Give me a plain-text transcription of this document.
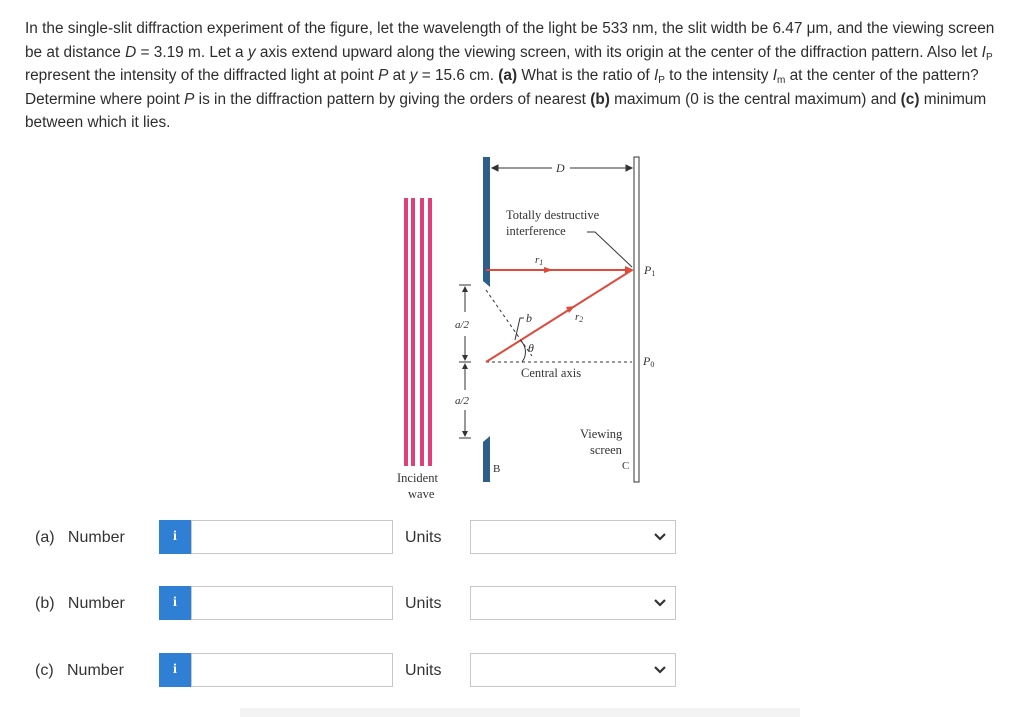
In the single-slit diffraction experiment of the figure, let the wavelength of the light be 533 nm, the slit width be 6.47 μm, and the viewing screen be at distance D = 3.19 m. Let a y axis extend upward along the viewing screen, with its origin at the center of the diffraction pattern. Also let $I_P$ represent the intensity of the diffracted light at point P at y = 15.6 cm. (a) What is the ratio of $I_P$ to the intensity $I_m$ at the center of the pattern? Determine where point P is in the diffraction pattern by giving the orders of nearest (b) maximum (0 is the central maximum) and (c) minimum between which it lies.
D
Totally destructive
interference
b
θ
r1
r2
P1
P0
a/2
a/2
Central axis
Viewing
screen
C
B
Incident
wave
(a) Number	i	Units
(b) Number	i	Units
(c) Number	i	Units
